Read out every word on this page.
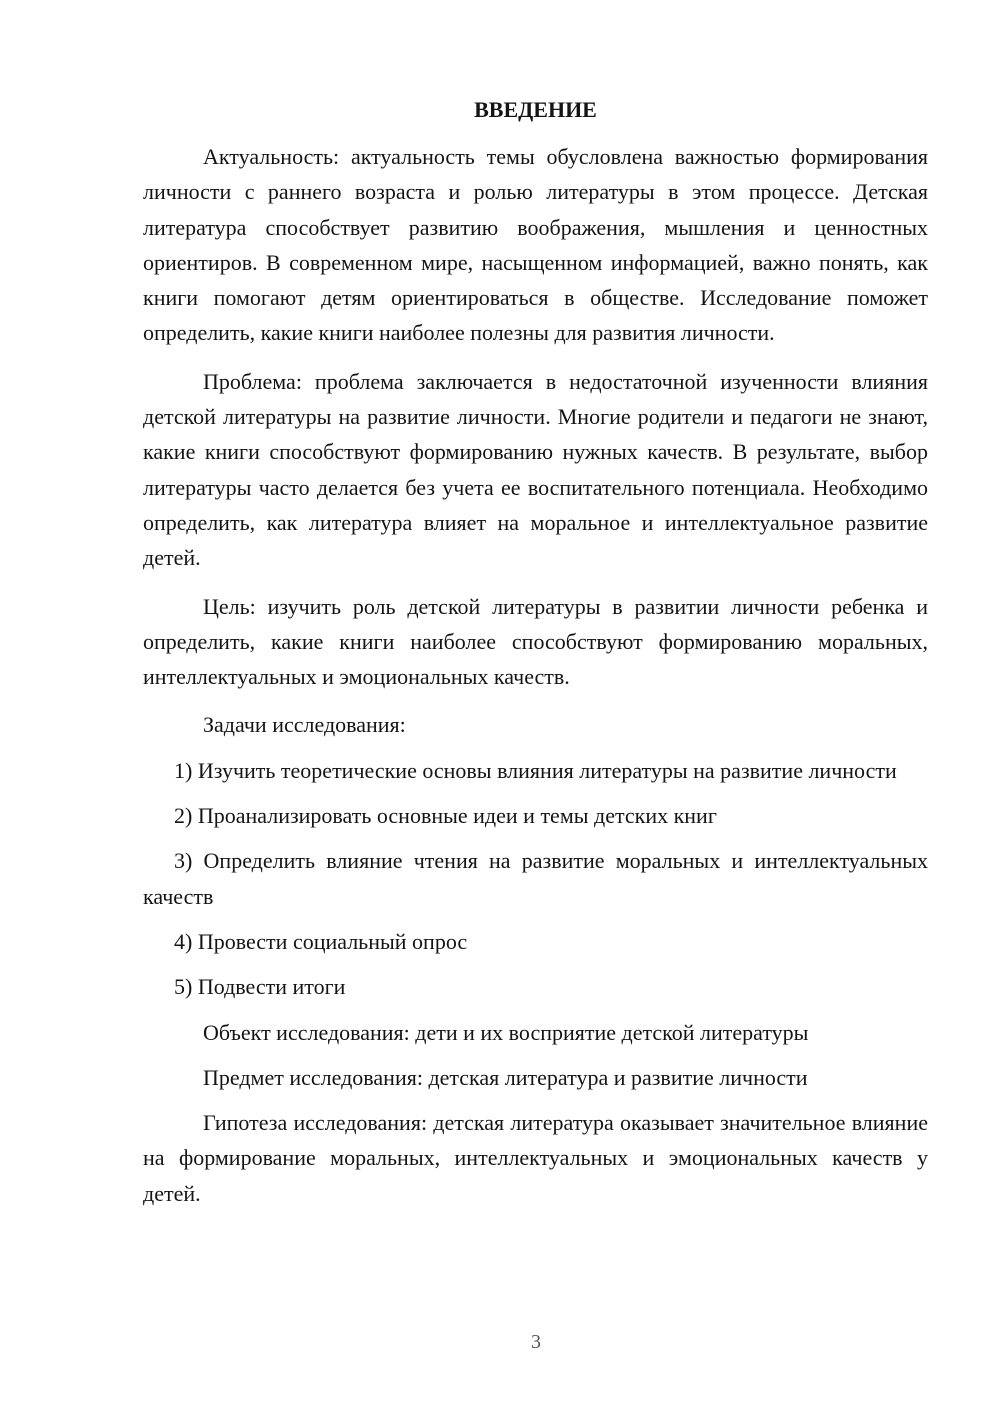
ВВЕДЕНИЕ

Актуальность: актуальность темы обусловлена важностью формирования личности с раннего возраста и ролью литературы в этом процессе. Детская литература способствует развитию воображения, мышления и ценностных ориентиров. В современном мире, насыщенном информацией, важно понять, как книги помогают детям ориентироваться в обществе. Исследование поможет определить, какие книги наиболее полезны для развития личности.

Проблема: проблема заключается в недостаточной изученности влияния детской литературы на развитие личности. Многие родители и педагоги не знают, какие книги способствуют формированию нужных качеств. В результате, выбор литературы часто делается без учета ее воспитательного потенциала. Необходимо определить, как литература влияет на моральное и интеллектуальное развитие детей.

Цель: изучить роль детской литературы в развитии личности ребенка и определить, какие книги наиболее способствуют формированию моральных, интеллектуальных и эмоциональных качеств.

Задачи исследования:

1) Изучить теоретические основы влияния литературы на развитие личности

2) Проанализировать основные идеи и темы детских книг

3) Определить влияние чтения на развитие моральных и интеллектуальных качеств

4) Провести социальный опрос

5) Подвести итоги

Объект исследования: дети и их восприятие детской литературы

Предмет исследования: детская литература и развитие личности

Гипотеза исследования: детская литература оказывает значительное влияние на формирование моральных, интеллектуальных и эмоциональных качеств у детей.

3
